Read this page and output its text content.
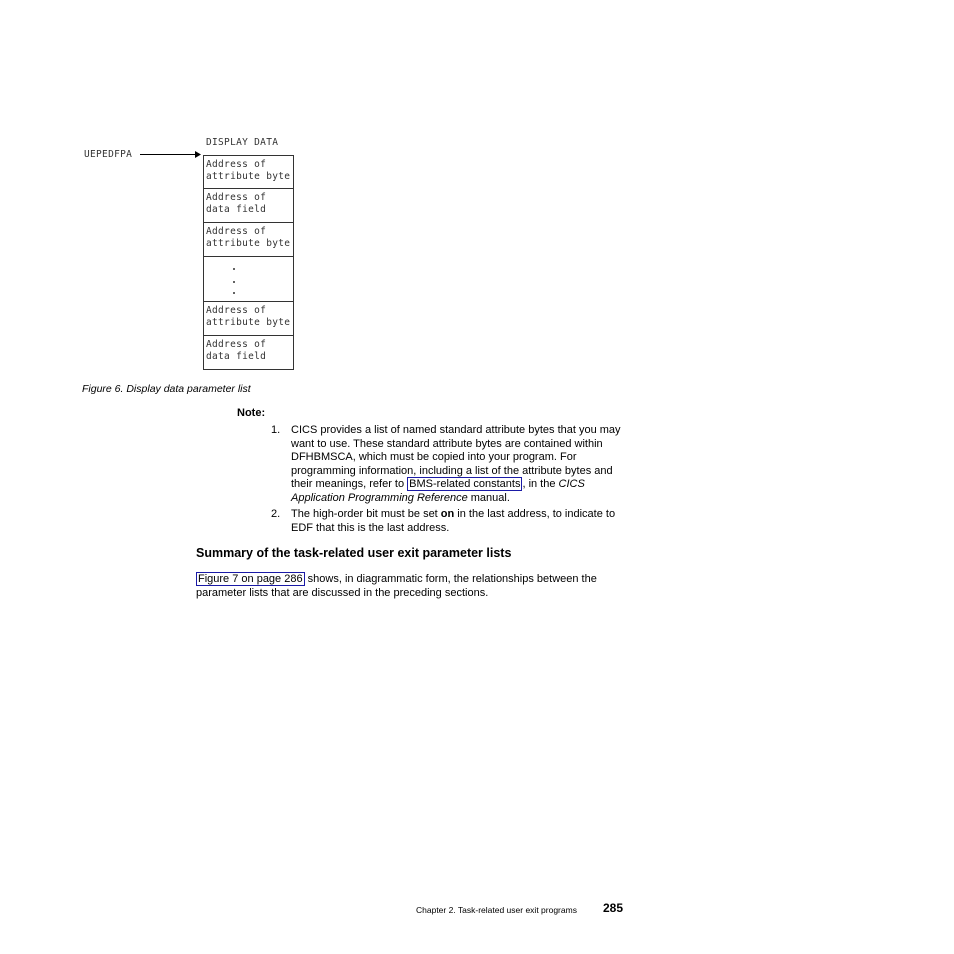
DISPLAY DATA
UEPEDFPA
Address of
attribute byte
Address of
data field
Address of
attribute byte
Address of
attribute byte
Address of
data field
Figure 6. Display data parameter list
Note:
1. CICS provides a list of named standard attribute bytes that you may want to use. These standard attribute bytes are contained within DFHBMSCA, which must be copied into your program. For programming information, including a list of the attribute bytes and their meanings, refer to BMS-related constants , in the CICS Application Programming Reference manual.
2. The high-order bit must be set on in the last address, to indicate to EDF that this is the last address.
Summary of the task-related user exit parameter lists
Figure 7 on page 286 shows, in diagrammatic form, the relationships between the parameter lists that are discussed in the preceding sections.
Chapter 2. Task-related user exit programs 285
